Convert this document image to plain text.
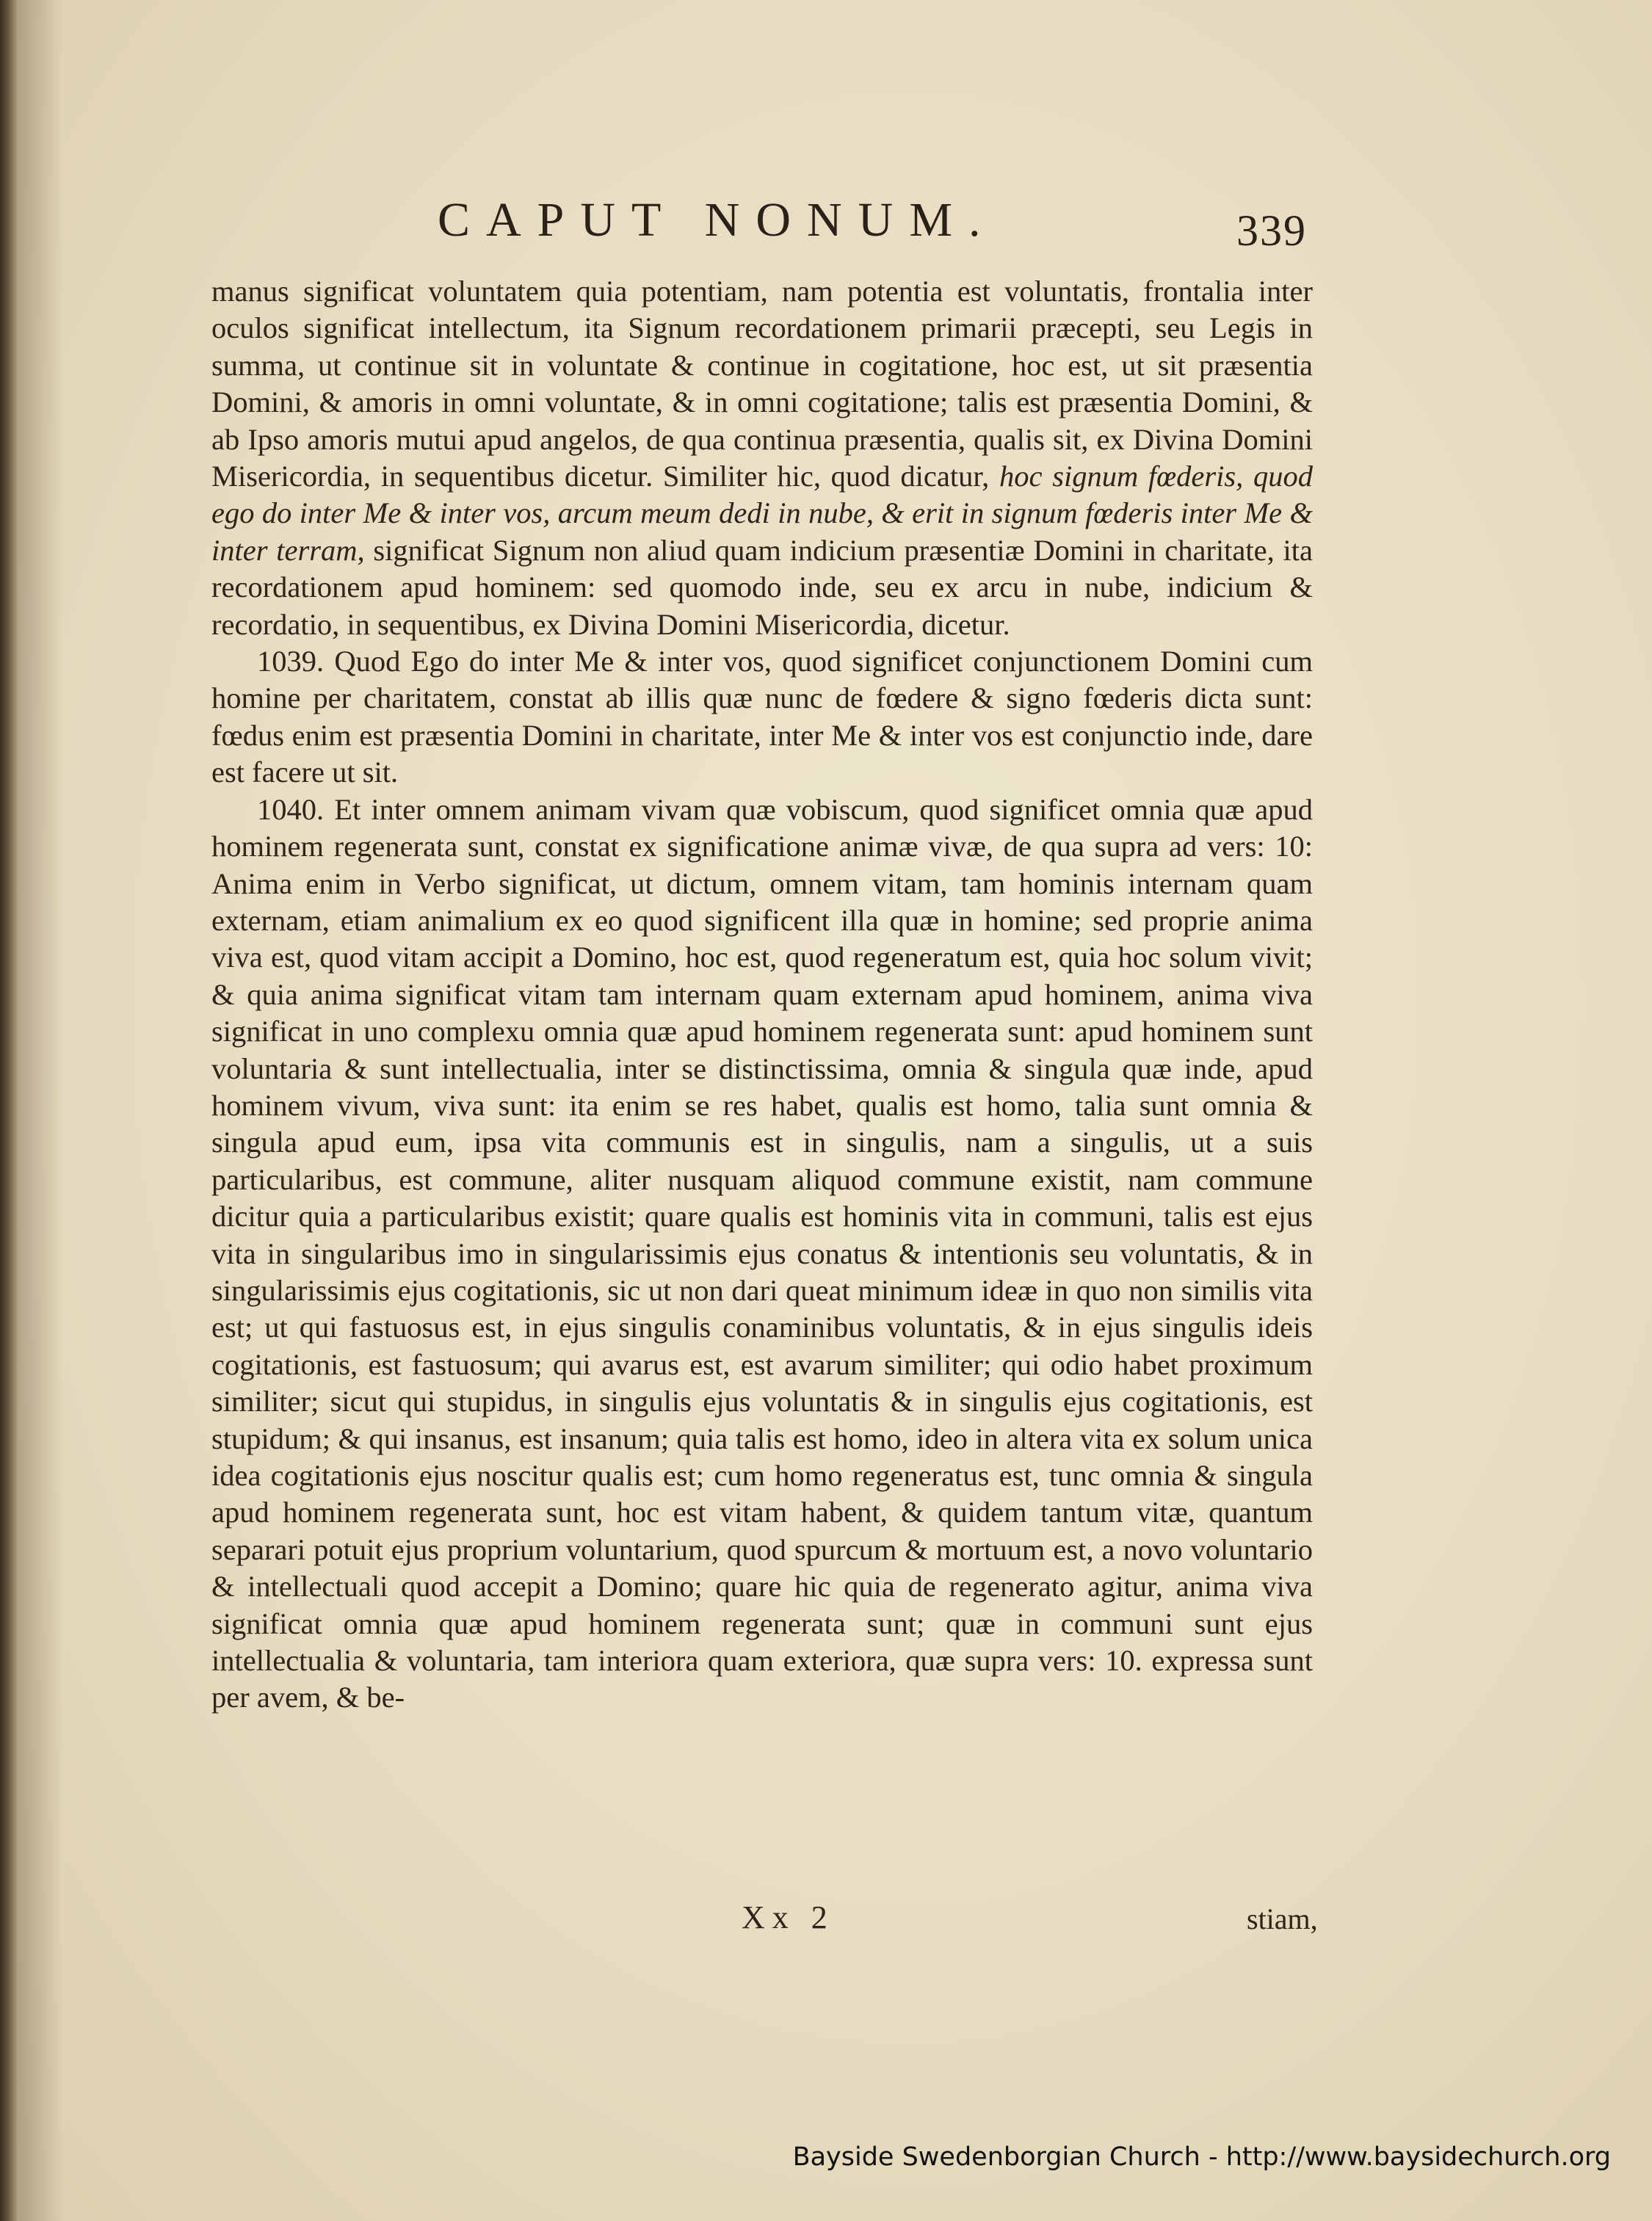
CAPUT NONUM.	339

manus significat voluntatem quia potentiam, nam potentia est voluntatis, frontalia inter oculos significat intellectum, ita Signum recordationem primarii præcepti, seu Legis in summa, ut continue sit in voluntate & continue in cogitatione, hoc est, ut sit præsentia Domini, & amoris in omni voluntate, & in omni cogitatione; talis est præsentia Domini, & ab Ipso amoris mutui apud angelos, de qua continua præsentia, qualis sit, ex Divina Domini Misericordia, in sequentibus dicetur. Similiter hic, quod dicatur, hoc signum fœderis, quod ego do inter Me & inter vos, arcum meum dedi in nube, & erit in signum fœderis inter Me & inter terram, significat Signum non aliud quam indicium præsentiæ Domini in charitate, ita recordationem apud hominem: sed quomodo inde, seu ex arcu in nube, indicium & recordatio, in sequentibus, ex Divina Domini Misericordia, dicetur.

1039. Quod Ego do inter Me & inter vos, quod significet conjunctionem Domini cum homine per charitatem, constat ab illis quæ nunc de fœdere & signo fœderis dicta sunt: fœdus enim est præsentia Domini in charitate, inter Me & inter vos est conjunctio inde, dare est facere ut sit.

1040. Et inter omnem animam vivam quæ vobiscum, quod significet omnia quæ apud hominem regenerata sunt, constat ex significatione animæ vivæ, de qua supra ad vers: 10: Anima enim in Verbo significat, ut dictum, omnem vitam, tam hominis internam quam externam, etiam animalium ex eo quod significent illa quæ in homine; sed proprie anima viva est, quod vitam accipit a Domino, hoc est, quod regeneratum est, quia hoc solum vivit; & quia anima significat vitam tam internam quam externam apud hominem, anima viva significat in uno complexu omnia quæ apud hominem regenerata sunt: apud hominem sunt voluntaria & sunt intellectualia, inter se distinctissima, omnia & singula quæ inde, apud hominem vivum, viva sunt: ita enim se res habet, qualis est homo, talia sunt omnia & singula apud eum, ipsa vita communis est in singulis, nam a singulis, ut a suis particularibus, est commune, aliter nusquam aliquod commune existit, nam commune dicitur quia a particularibus existit; quare qualis est hominis vita in communi, talis est ejus vita in singularibus imo in singularissimis ejus conatus & intentionis seu voluntatis, & in singularissimis ejus cogitationis, sic ut non dari queat minimum ideæ in quo non similis vita est; ut qui fastuosus est, in ejus singulis conaminibus voluntatis, & in ejus singulis ideis cogitationis, est fastuosum; qui avarus est, est avarum similiter; qui odio habet proximum similiter; sicut qui stupidus, in singulis ejus voluntatis & in singulis ejus cogitationis, est stupidum; & qui insanus, est insanum; quia talis est homo, ideo in altera vita ex solum unica idea cogitationis ejus noscitur qualis est; cum homo regeneratus est, tunc omnia & singula apud hominem regenerata sunt, hoc est vitam habent, & quidem tantum vitæ, quantum separari potuit ejus proprium voluntarium, quod spurcum & mortuum est, a novo voluntario & intellectuali quod accepit a Domino; quare hic quia de regenerato agitur, anima viva significat omnia quæ apud hominem regenerata sunt; quæ in communi sunt ejus intellectualia & voluntaria, tam interiora quam exteriora, quæ supra vers: 10. expressa sunt per avem, & be-

Xx 2	stiam,
Bayside Swedenborgian Church - http://www.baysidechurch.org
